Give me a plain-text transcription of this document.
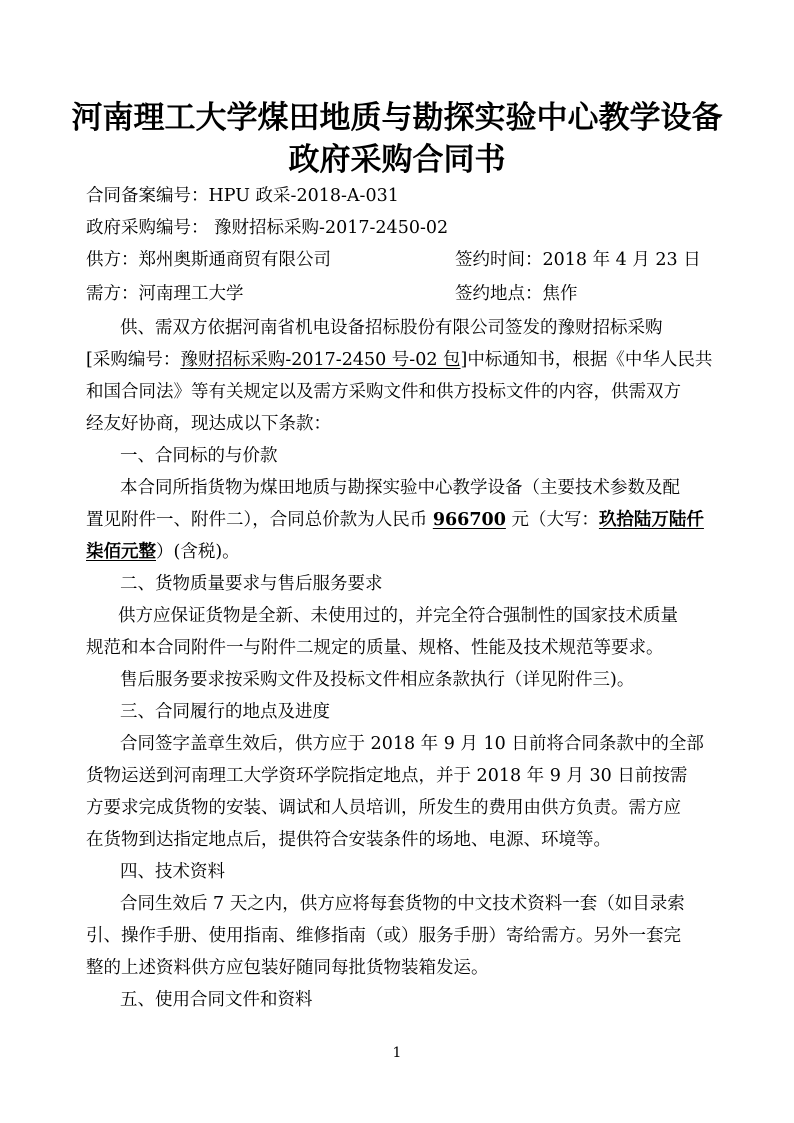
河南理工大学煤田地质与勘探实验中心教学设备
政府采购合同书
合同备案编号：HPU 政采-2018-A-031
政府采购编号： 豫财招标采购-2017-2450-02
供方：郑州奥斯通商贸有限公司	签约时间：2018 年 4 月 23 日
需方：河南理工大学	签约地点：焦作
供、需双方依据河南省机电设备招标股份有限公司签发的豫财招标采购
[采购编号：豫财招标采购-2017-2450 号-02 包]中标通知书，根据《中华人民共
和国合同法》等有关规定以及需方采购文件和供方投标文件的内容，供需双方
经友好协商，现达成以下条款：
一、合同标的与价款
本合同所指货物为煤田地质与勘探实验中心教学设备（主要技术参数及配
置见附件一、附件二），合同总价款为人民币 966700 元（大写：玖拾陆万陆仟
柒佰元整）(含税)。
二、货物质量要求与售后服务要求
供方应保证货物是全新、未使用过的，并完全符合强制性的国家技术质量
规范和本合同附件一与附件二规定的质量、规格、性能及技术规范等要求。
售后服务要求按采购文件及投标文件相应条款执行（详见附件三)。
三、合同履行的地点及进度
合同签字盖章生效后，供方应于 2018 年 9 月 10 日前将合同条款中的全部
货物运送到河南理工大学资环学院指定地点，并于 2018 年 9 月 30 日前按需
方要求完成货物的安装、调试和人员培训，所发生的费用由供方负责。需方应
在货物到达指定地点后，提供符合安装条件的场地、电源、环境等。
四、技术资料
合同生效后 7 天之内，供方应将每套货物的中文技术资料一套（如目录索
引、操作手册、使用指南、维修指南（或）服务手册）寄给需方。另外一套完
整的上述资料供方应包装好随同每批货物装箱发运。
五、使用合同文件和资料
1
